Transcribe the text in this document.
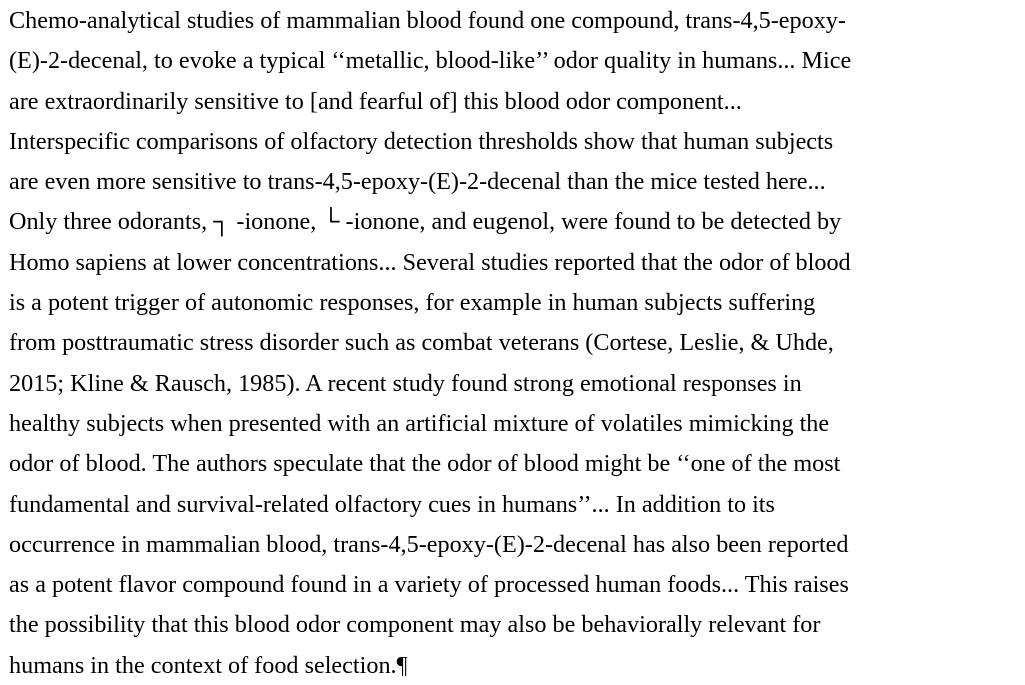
Chemo-analytical studies of mammalian blood found one compound, trans-4,5-epoxy-
(E)-2-decenal, to evoke a typical ‘‘metallic, blood-like’’ odor quality in humans... Mice
are extraordinarily sensitive to [and fearful of] this blood odor component...
Interspecific comparisons of olfactory detection thresholds show that human subjects
are even more sensitive to trans-4,5-epoxy-(E)-2-decenal than the mice tested here...
Only three odorants, ┐ -ionone, └ -ionone, and eugenol, were found to be detected by
Homo sapiens at lower concentrations... Several studies reported that the odor of blood
is a potent trigger of autonomic responses, for example in human subjects suffering
from posttraumatic stress disorder such as combat veterans (Cortese, Leslie, & Uhde,
2015; Kline & Rausch, 1985). A recent study found strong emotional responses in
healthy subjects when presented with an artificial mixture of volatiles mimicking the
odor of blood. The authors speculate that the odor of blood might be ‘‘one of the most
fundamental and survival-related olfactory cues in humans’’... In addition to its
occurrence in mammalian blood, trans-4,5-epoxy-(E)-2-decenal has also been reported
as a potent flavor compound found in a variety of processed human foods... This raises
the possibility that this blood odor component may also be behaviorally relevant for
humans in the context of food selection.¶
